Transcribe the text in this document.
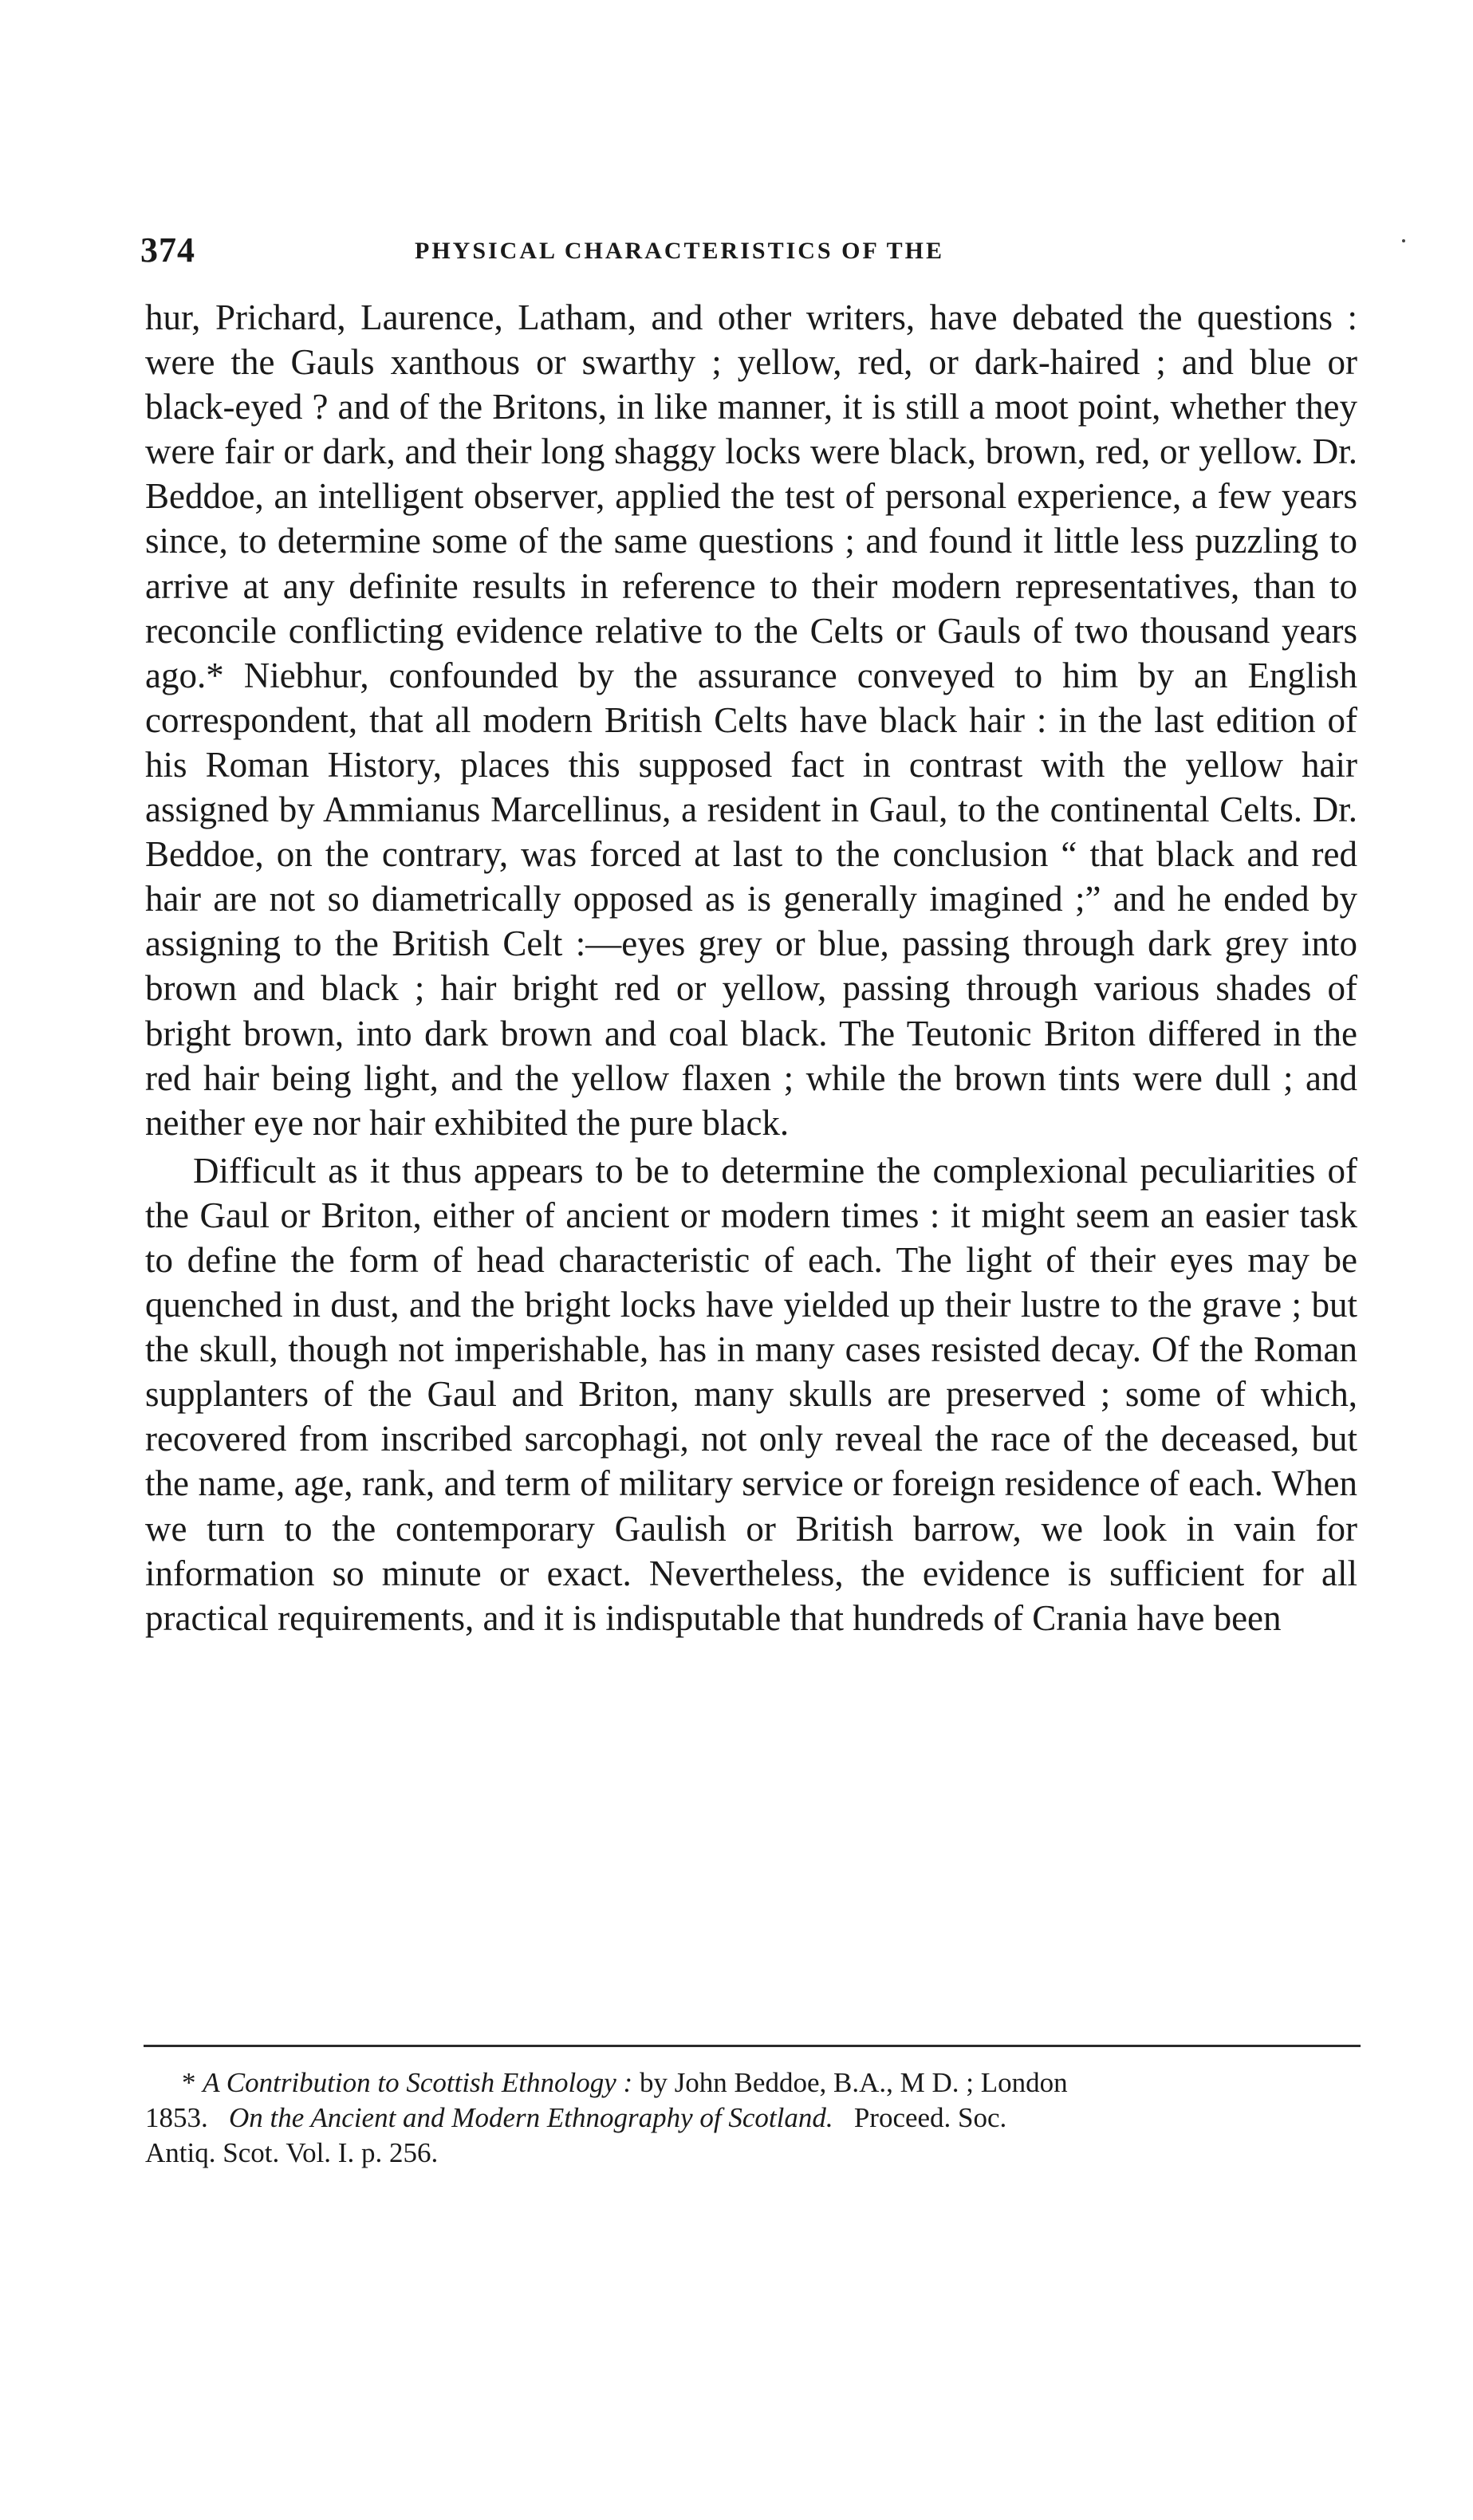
374	PHYSICAL CHARACTERISTICS OF THE

hur, Prichard, Laurence, Latham, and other writers, have debated the questions : were the Gauls xanthous or swarthy ; yellow, red, or dark-haired ; and blue or black-eyed ? and of the Britons, in like manner, it is still a moot point, whether they were fair or dark, and their long shaggy locks were black, brown, red, or yellow. Dr. Beddoe, an intelligent observer, applied the test of personal experience, a few years since, to determine some of the same questions ; and found it little less puzzling to arrive at any definite results in reference to their modern representatives, than to reconcile conflicting evidence relative to the Celts or Gauls of two thousand years ago.* Niebhur, confounded by the assurance conveyed to him by an English correspondent, that all modern British Celts have black hair : in the last edition of his Roman History, places this supposed fact in contrast with the yellow hair assigned by Ammianus Marcellinus, a resident in Gaul, to the continental Celts. Dr. Beddoe, on the contrary, was forced at last to the conclusion “ that black and red hair are not so diametrically opposed as is generally imagined ;” and he ended by assigning to the British Celt :—eyes grey or blue, passing through dark grey into brown and black ; hair bright red or yellow, passing through various shades of bright brown, into dark brown and coal black. The Teutonic Briton differed in the red hair being light, and the yellow flaxen ; while the brown tints were dull ; and neither eye nor hair exhibited the pure black.

Difficult as it thus appears to be to determine the complexional peculiarities of the Gaul or Briton, either of ancient or modern times : it might seem an easier task to define the form of head characteristic of each. The light of their eyes may be quenched in dust, and the bright locks have yielded up their lustre to the grave ; but the skull, though not imperishable, has in many cases resisted decay. Of the Roman supplanters of the Gaul and Briton, many skulls are preserved ; some of which, recovered from inscribed sarcophagi, not only reveal the race of the deceased, but the name, age, rank, and term of military service or foreign residence of each. When we turn to the contemporary Gaulish or British barrow, we look in vain for information so minute or exact. Nevertheless, the evidence is sufficient for all practical requirements, and it is indisputable that hundreds of Crania have been

* A Contribution to Scottish Ethnology : by John Beddoe, B.A., M D. ; London
1853. On the Ancient and Modern Ethnography of Scotland. Proceed. Soc.
Antiq. Scot. Vol. I. p. 256.
